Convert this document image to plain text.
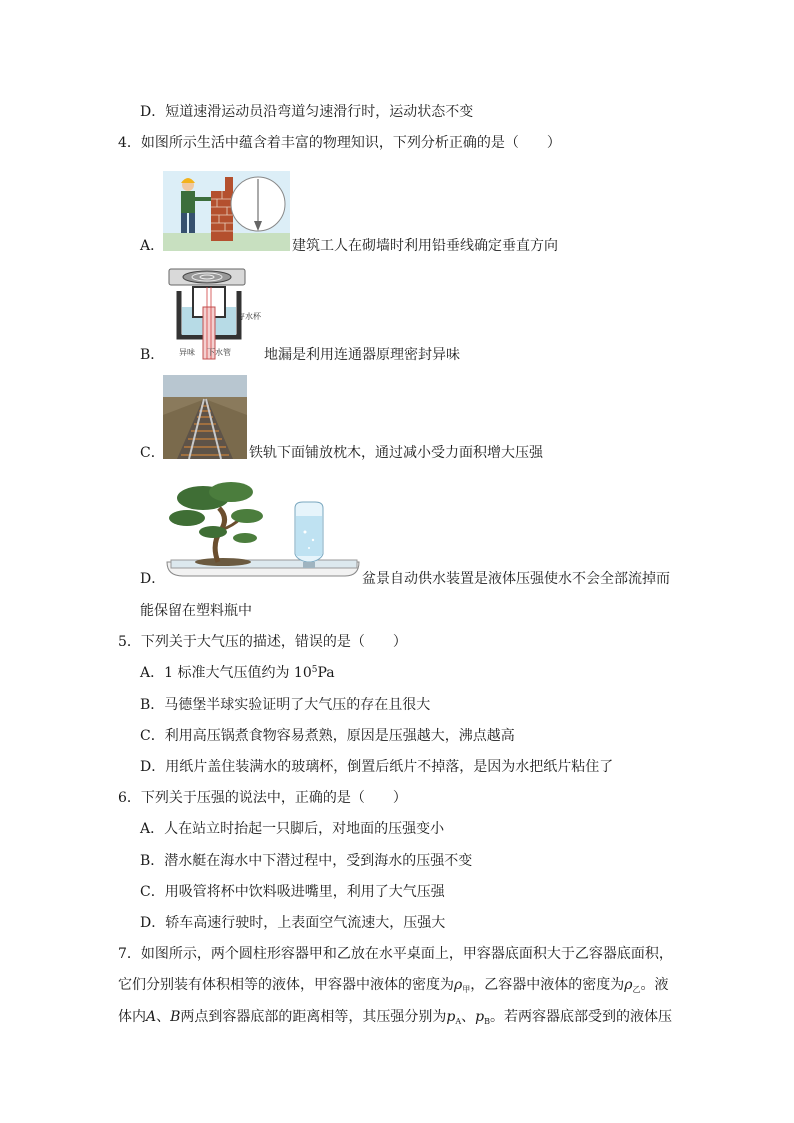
D．短道速滑运动员沿弯道匀速滑行时，运动状态不变
4．如图所示生活中蕴含着丰富的物理知识，下列分析正确的是（　　）
A．	建筑工人在砌墙时利用铅垂线确定垂直方向
存水杯
下水管
异味
B．	地漏是利用连通器原理密封异味
C．	铁轨下面铺放枕木，通过减小受力面积增大压强
D．	盆景自动供水装置是液体压强使水不会全部流掉而
能保留在塑料瓶中
5．下列关于大气压的描述，错误的是（　　）
A．1 标准大气压值约为 $10^5Pa$
B．马德堡半球实验证明了大气压的存在且很大
C．利用高压锅煮食物容易煮熟，原因是压强越大，沸点越高
D．用纸片盖住装满水的玻璃杯，倒置后纸片不掉落，是因为水把纸片粘住了
6．下列关于压强的说法中，正确的是（　　）
A．人在站立时抬起一只脚后，对地面的压强变小
B．潜水艇在海水中下潜过程中，受到海水的压强不变
C．用吸管将杯中饮料吸进嘴里，利用了大气压强
D．轿车高速行驶时，上表面空气流速大，压强大
7．如图所示，两个圆柱形容器甲和乙放在水平桌面上，甲容器底面积大于乙容器底面积，
它们分别装有体积相等的液体，甲容器中液体的密度为$\rho_甲$，乙容器中液体的密度为$\rho_乙$。液
体内A、B两点到容器底部的距离相等，其压强分别为$p_A$、$p_B$。若两容器底部受到的液体压
